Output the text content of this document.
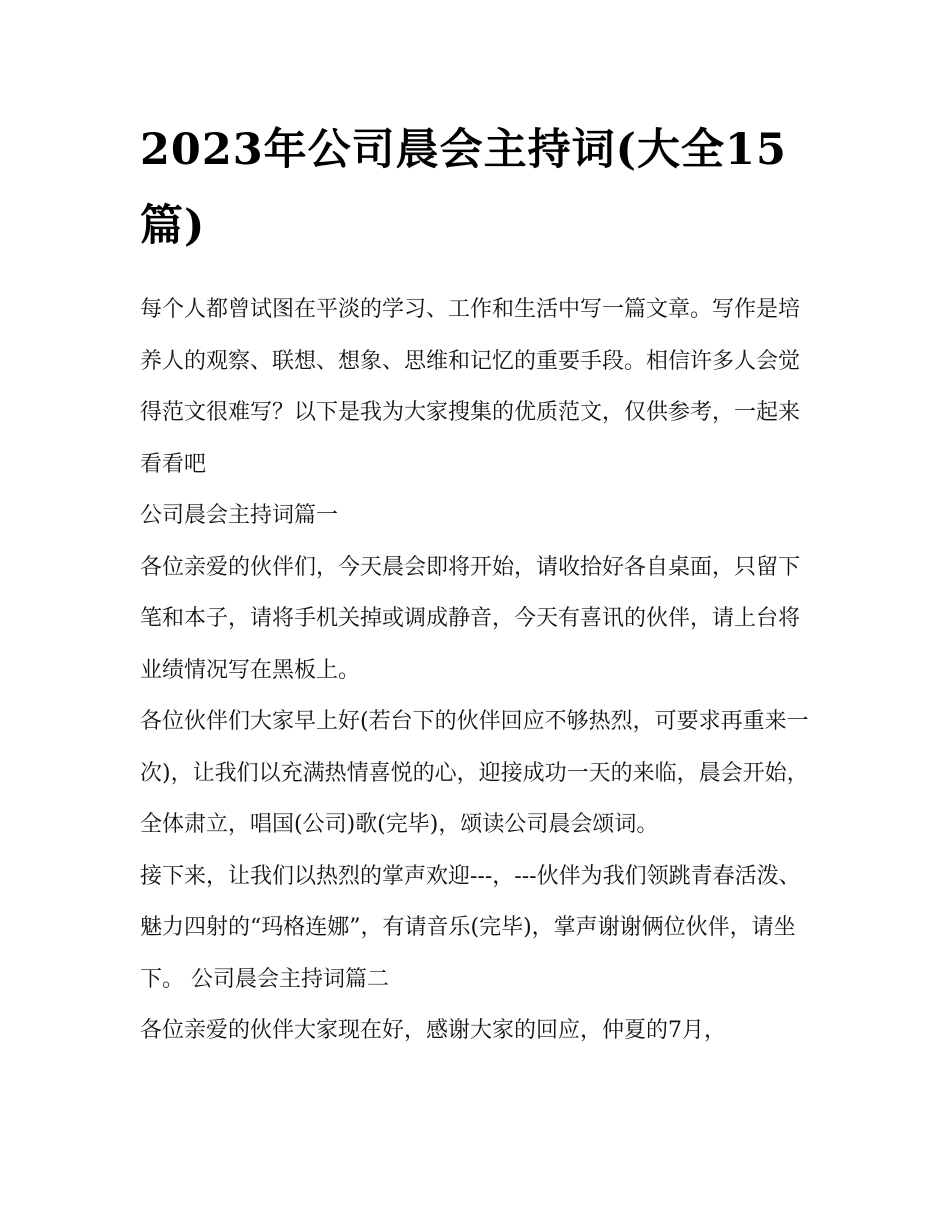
2023年公司晨会主持词(大全15篇)

每个人都曾试图在平淡的学习、工作和生活中写一篇文章。写作是培养人的观察、联想、想象、思维和记忆的重要手段。相信许多人会觉得范文很难写？以下是我为大家搜集的优质范文，仅供参考，一起来看看吧

公司晨会主持词篇一

各位亲爱的伙伴们，今天晨会即将开始，请收拾好各自桌面，只留下笔和本子，请将手机关掉或调成静音，今天有喜讯的伙伴，请上台将业绩情况写在黑板上。

各位伙伴们大家早上好(若台下的伙伴回应不够热烈，可要求再重来一次)，让我们以充满热情喜悦的心，迎接成功一天的来临，晨会开始，全体肃立，唱国(公司)歌(完毕)，颂读公司晨会颂词。

接下来，让我们以热烈的掌声欢迎---，---伙伴为我们领跳青春活泼、魅力四射的“玛格连娜”，有请音乐(完毕)，掌声谢谢俩位伙伴，请坐下。 公司晨会主持词篇二

各位亲爱的伙伴大家现在好，感谢大家的回应，仲夏的7月，
